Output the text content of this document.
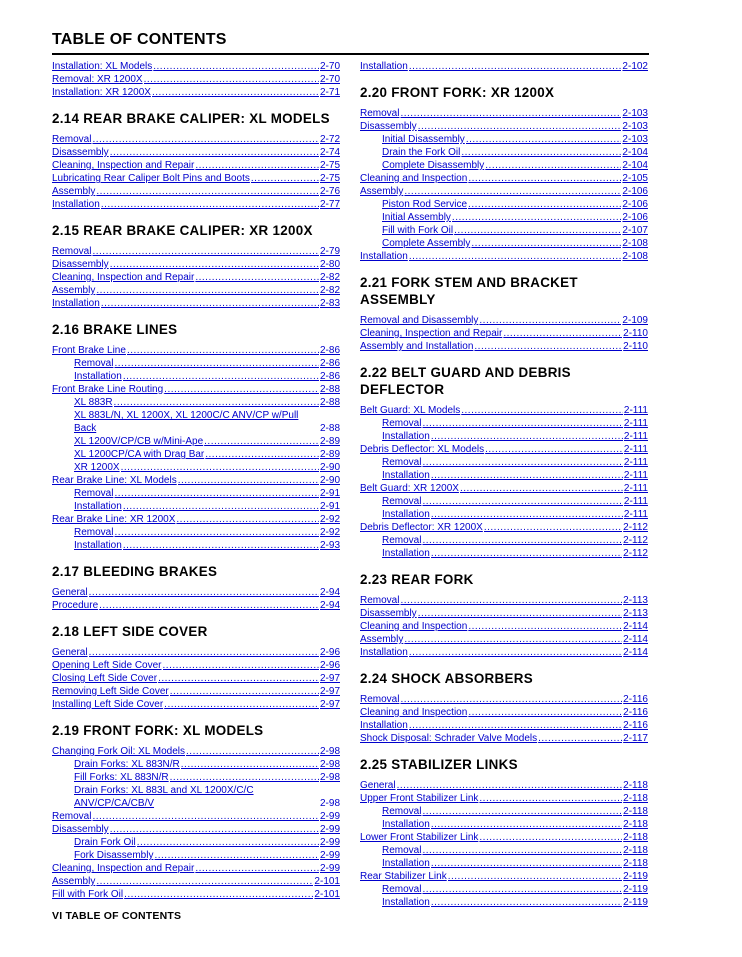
TABLE OF CONTENTS
Installation: XL Models .....	2-70
Removal: XR 1200X .....	2-70
Installation: XR 1200X .....	2-71
2.14 REAR BRAKE CALIPER: XL MODELS
Removal .....	2-72
Disassembly .....	2-74
Cleaning, Inspection and Repair .....	2-75
Lubricating Rear Caliper Bolt Pins and Boots .....	2-75
Assembly .....	2-76
Installation .....	2-77
2.15 REAR BRAKE CALIPER: XR 1200X
Removal .....	2-79
Disassembly .....	2-80
Cleaning, Inspection and Repair .....	2-82
Assembly .....	2-82
Installation .....	2-83
2.16 BRAKE LINES
Front Brake Line .....	2-86
Removal .....	2-86
Installation .....	2-86
Front Brake Line Routing .....	2-88
XL 883R .....	2-88
XL 883L/N, XL 1200X, XL 1200C/C ANV/CP w/Pull Back	2-88
XL 1200V/CP/CB w/Mini-Ape .....	2-89
XL 1200CP/CA with Drag Bar .....	2-89
XR 1200X .....	2-90
Rear Brake Line: XL Models .....	2-90
Removal .....	2-91
Installation .....	2-91
Rear Brake Line: XR 1200X .....	2-92
Removal .....	2-92
Installation .....	2-93
2.17 BLEEDING BRAKES
General .....	2-94
Procedure .....	2-94
2.18 LEFT SIDE COVER
General .....	2-96
Opening Left Side Cover .....	2-96
Closing Left Side Cover .....	2-97
Removing Left Side Cover .....	2-97
Installing Left Side Cover .....	2-97
2.19 FRONT FORK: XL MODELS
Changing Fork Oil: XL Models .....	2-98
Drain Forks: XL 883N/R .....	2-98
Fill Forks: XL 883N/R .....	2-98
Drain Forks: XL 883L and XL 1200X/C/C ANV/CP/CA/CB/V	2-98
Removal .....	2-99
Disassembly .....	2-99
Drain Fork Oil .....	2-99
Fork Disassembly .....	2-99
Cleaning, Inspection and Repair .....	2-99
Assembly .....	2-101
Fill with Fork Oil .....	2-101
Installation .....	2-102
2.20 FRONT FORK: XR 1200X
Removal .....	2-103
Disassembly .....	2-103
Initial Disassembly .....	2-103
Drain the Fork Oil .....	2-104
Complete Disassembly .....	2-104
Cleaning and Inspection .....	2-105
Assembly .....	2-106
Piston Rod Service .....	2-106
Initial Assembly .....	2-106
Fill with Fork Oil .....	2-107
Complete Assembly .....	2-108
Installation .....	2-108
2.21 FORK STEM AND BRACKET ASSEMBLY
Removal and Disassembly .....	2-109
Cleaning, Inspection and Repair .....	2-110
Assembly and Installation .....	2-110
2.22 BELT GUARD AND DEBRIS DEFLECTOR
Belt Guard: XL Models .....	2-111
Removal .....	2-111
Installation .....	2-111
Debris Deflector: XL Models .....	2-111
Removal .....	2-111
Installation .....	2-111
Belt Guard: XR 1200X .....	2-111
Removal .....	2-111
Installation .....	2-111
Debris Deflector: XR 1200X .....	2-112
Removal .....	2-112
Installation .....	2-112
2.23 REAR FORK
Removal .....	2-113
Disassembly .....	2-113
Cleaning and Inspection .....	2-114
Assembly .....	2-114
Installation .....	2-114
2.24 SHOCK ABSORBERS
Removal .....	2-116
Cleaning and Inspection .....	2-116
Installation .....	2-116
Shock Disposal: Schrader Valve Models .....	2-117
2.25 STABILIZER LINKS
General .....	2-118
Upper Front Stabilizer Link .....	2-118
Removal .....	2-118
Installation .....	2-118
Lower Front Stabilizer Link .....	2-118
Removal .....	2-118
Installation .....	2-118
Rear Stabilizer Link .....	2-119
Removal .....	2-119
Installation .....	2-119
VI TABLE OF CONTENTS
